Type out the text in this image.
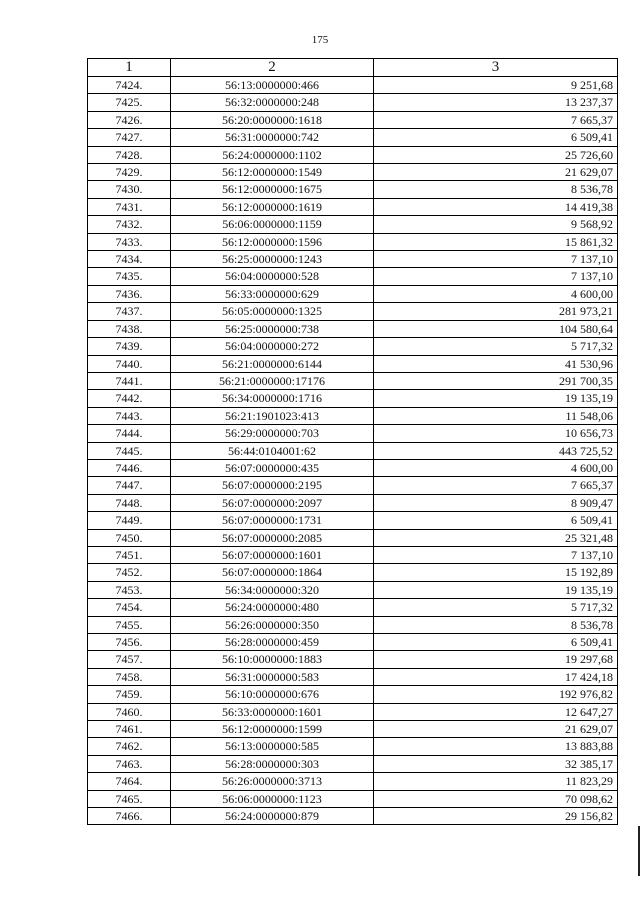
175
1	2	3
7424.	56:13:0000000:466	9 251,68
7425.	56:32:0000000:248	13 237,37
7426.	56:20:0000000:1618	7 665,37
7427.	56:31:0000000:742	6 509,41
7428.	56:24:0000000:1102	25 726,60
7429.	56:12:0000000:1549	21 629,07
7430.	56:12:0000000:1675	8 536,78
7431.	56:12:0000000:1619	14 419,38
7432.	56:06:0000000:1159	9 568,92
7433.	56:12:0000000:1596	15 861,32
7434.	56:25:0000000:1243	7 137,10
7435.	56:04:0000000:528	7 137,10
7436.	56:33:0000000:629	4 600,00
7437.	56:05:0000000:1325	281 973,21
7438.	56:25:0000000:738	104 580,64
7439.	56:04:0000000:272	5 717,32
7440.	56:21:0000000:6144	41 530,96
7441.	56:21:0000000:17176	291 700,35
7442.	56:34:0000000:1716	19 135,19
7443.	56:21:1901023:413	11 548,06
7444.	56:29:0000000:703	10 656,73
7445.	56:44:0104001:62	443 725,52
7446.	56:07:0000000:435	4 600,00
7447.	56:07:0000000:2195	7 665,37
7448.	56:07:0000000:2097	8 909,47
7449.	56:07:0000000:1731	6 509,41
7450.	56:07:0000000:2085	25 321,48
7451.	56:07:0000000:1601	7 137,10
7452.	56:07:0000000:1864	15 192,89
7453.	56:34:0000000:320	19 135,19
7454.	56:24:0000000:480	5 717,32
7455.	56:26:0000000:350	8 536,78
7456.	56:28:0000000:459	6 509,41
7457.	56:10:0000000:1883	19 297,68
7458.	56:31:0000000:583	17 424,18
7459.	56:10:0000000:676	192 976,82
7460.	56:33:0000000:1601	12 647,27
7461.	56:12:0000000:1599	21 629,07
7462.	56:13:0000000:585	13 883,88
7463.	56:28:0000000:303	32 385,17
7464.	56:26:0000000:3713	11 823,29
7465.	56:06:0000000:1123	70 098,62
7466.	56:24:0000000:879	29 156,82
